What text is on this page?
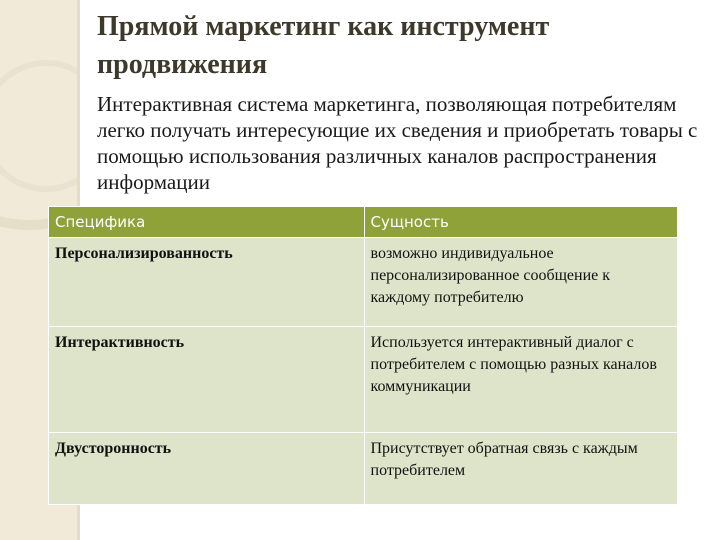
Прямой маркетинг как инструмент продвижения

Интерактивная система маркетинга, позволяющая потребителям легко получать интересующие их сведения и приобретать товары с помощью использования различных каналов распространения информации

Специфика	Сущность
Персонализированность	возможно индивидуальное персонализированное сообщение к каждому потребителю
Интерактивность	Используется интерактивный диалог с потребителем с помощью разных каналов коммуникации
Двусторонность	Присутствует обратная связь с каждым потребителем
